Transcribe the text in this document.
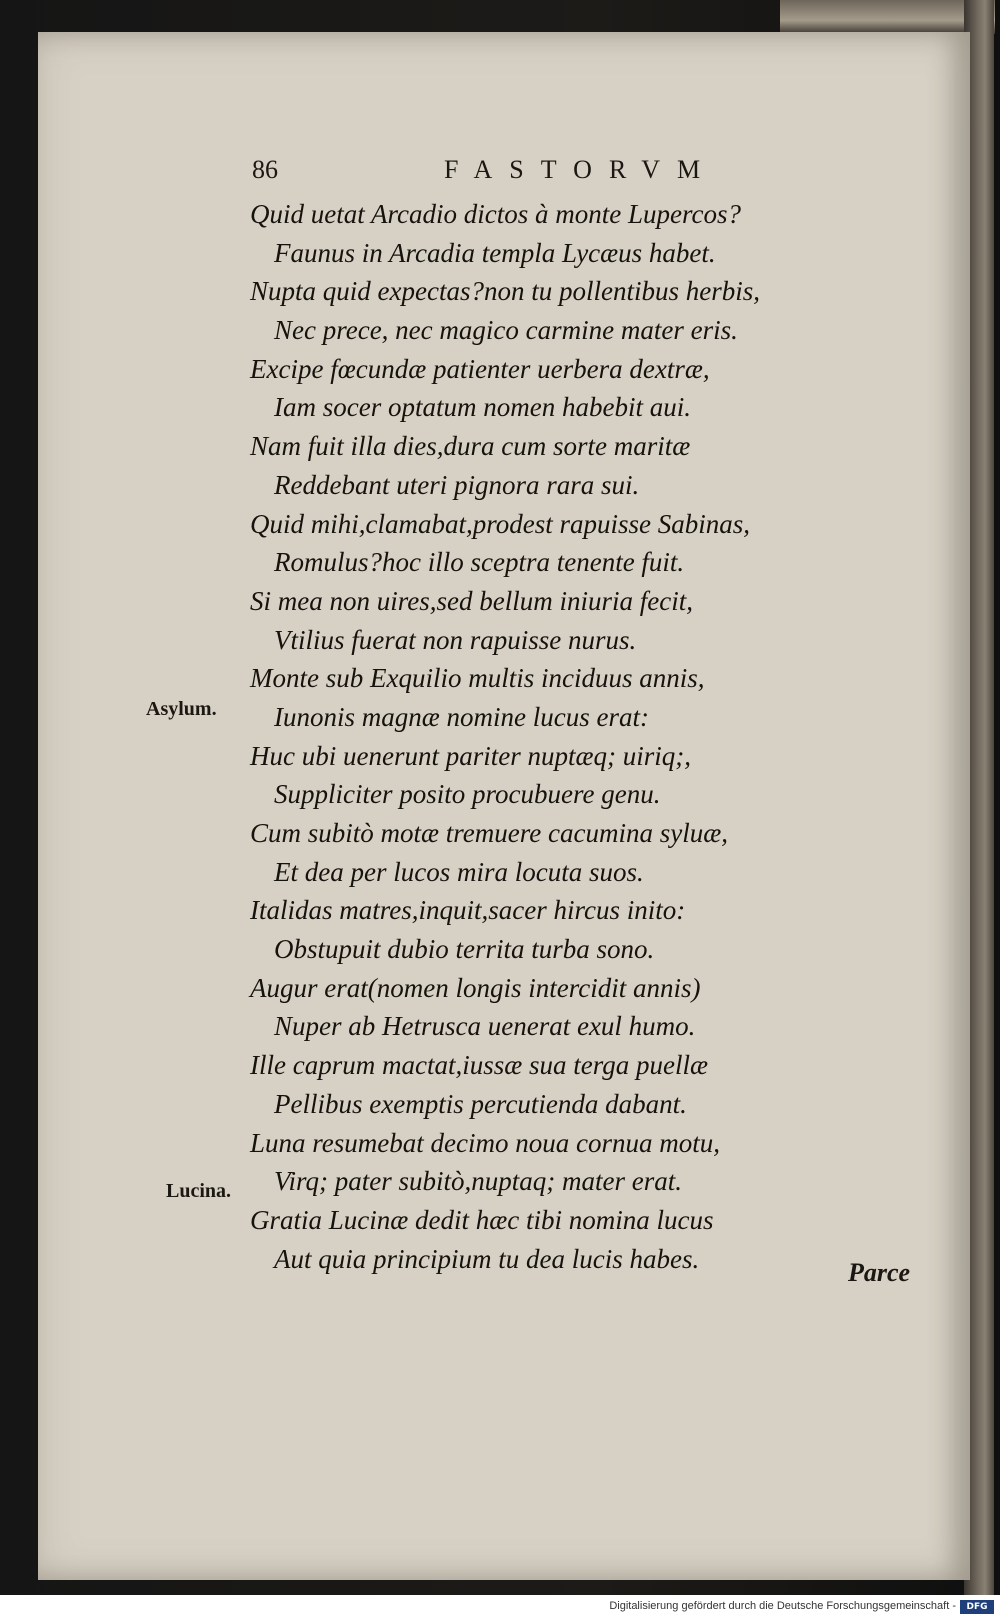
86	FASTORVM
Asylum.
Lucina.
Quid uetat Arcadio dictos à monte Lupercos?
Faunus in Arcadia templa Lycæus habet.
Nupta quid expectas?non tu pollentibus herbis,
Nec prece, nec magico carmine mater eris.
Excipe fœcundæ patienter uerbera dextræ,
Iam socer optatum nomen habebit aui.
Nam fuit illa dies,dura cum sorte maritæ
Reddebant uteri pignora rara sui.
Quid mihi,clamabat,prodest rapuisse Sabinas,
Romulus?hoc illo sceptra tenente fuit.
Si mea non uires,sed bellum iniuria fecit,
Vtilius fuerat non rapuisse nurus.
Monte sub Exquilio multis inciduus annis,
Iunonis magnæ nomine lucus erat:
Huc ubi uenerunt pariter nuptæq; uiriq;,
Suppliciter posito procubuere genu.
Cum subitò motæ tremuere cacumina syluæ,
Et dea per lucos mira locuta suos.
Italidas matres,inquit,sacer hircus inito:
Obstupuit dubio territa turba sono.
Augur erat(nomen longis intercidit annis)
Nuper ab Hetrusca uenerat exul humo.
Ille caprum mactat,iussæ sua terga puellæ
Pellibus exemptis percutienda dabant.
Luna resumebat decimo noua cornua motu,
Virq; pater subitò,nuptaq; mater erat.
Gratia Lucinæ dedit hæc tibi nomina lucus
Aut quia principium tu dea lucis habes.	Parce
Digitalisierung gefördert durch die Deutsche Forschungsgemeinschaft -	DFG
